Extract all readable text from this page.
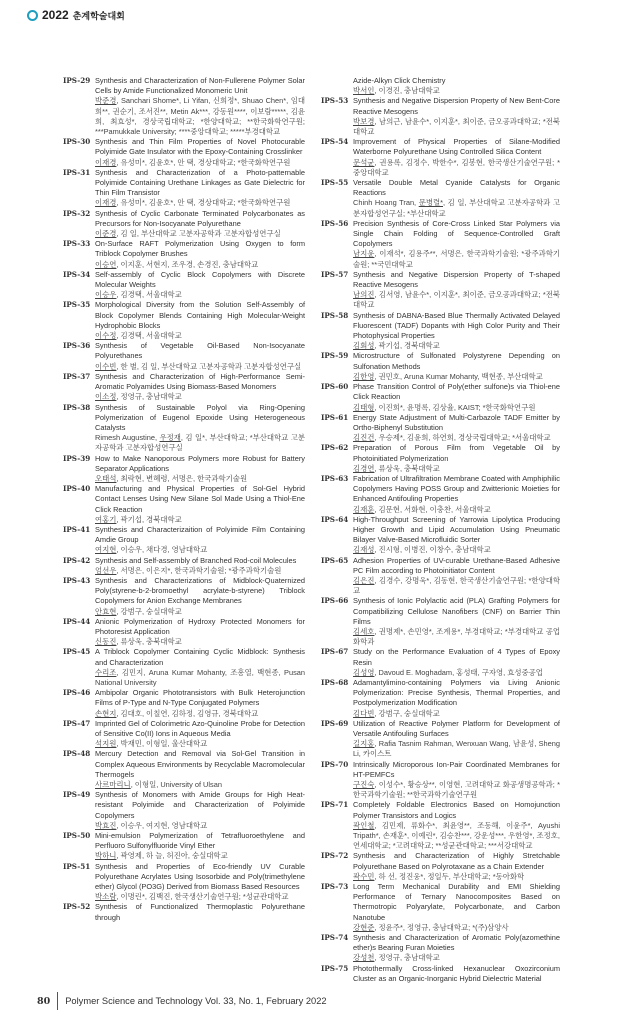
2022 춘계학술대회
IPS-29 Synthesis and Characterization of Non-Fullerene Polymer Solar Cells by Amide Functionalized Monomeric Unit
박준경, Sanchari Shome*, Li Yifan, 신희정*, Shuao Chen*, 임대희**, 권순기, 조서진**, Metin Ak***, 강동원****, 이보람*****, 김윤희, 최효성*, 경상국립대학교; *한양대학교; **한국화학연구원; ***Pamukkale University; ****중앙대학교; *****부경대학교
IPS-30 Synthesis and Thin Film Properties of Novel Photocurable Polyimide Gate Insulator with the Epoxy-Containing Crosslinker
이재경, 유성미*, 김윤호*, 안 택, 경상대학교; *한국화학연구원
IPS-31 Synthesis and Characterization of a Photo-patternable Polyimide Containing Urethane Linkages as Gate Dielectric for Thin Film Transistor
이재경, 유성미*, 김윤호*, 안 택, 경상대학교; *한국화학연구원
IPS-32 Synthesis of Cyclic Carbonate Terminated Polycarbonates as Precursors for Non-Isocyanate Polyurethane
이준경, 김 일, 부산대학교 고분자공학과 고분자합성연구실
IPS-33 On-Surface RAFT Polymerization Using Oxygen to form Triblock Copolymer Brushes
이승연, 이지훈, 서현지, 조우경, 손경진, 충남대학교
IPS-34 Self-assembly of Cyclic Block Copolymers with Discrete Molecular Weights
이승우, 김경택, 서울대학교
IPS-35 Morphological Diversity from the Solution Self-Assembly of Block Copolymer Blends Containing High Molecular-Weight Hydrophobic Blocks
이수정, 김경택, 서울대학교
IPS-36 Synthesis of Vegetable Oil-Based Non-Isocyanate Polyurethanes
이수빈, 한 별, 김 일, 부산대학교 고분자공학과 고분자합성연구실
IPS-37 Synthesis and Characterization of High-Performance Semi-Aromatic Polyamides Using Biomass-Based Monomers
이소정, 정영규, 충남대학교
IPS-38 Synthesis of Sustainable Polyol via Ring-Opening Polymerization of Eugenol Epoxide Using Heterogeneous Catalysts
Rimesh Augustine, 우정재, 김 일*, 부산대학교; *부산대학교 고분자공학과 고분자합성연구실
IPS-39 How to Make Nanoporous Polymers more Robust for Battery Separator Applications
오태석, 최락현, 변혜령, 서명은, 한국과학기술원
IPS-40 Manufacturing and Physical Properties of Sol-Gel Hybrid Contact Lenses Using New Silane Sol Made Using a Thiol-Ene Click Reaction
여홍기, 곽기섭, 경북대학교
IPS-41 Synthesis and Characterizaition of Polyimide Film Containing Amdie Group
여지현, 이승우, 채다경, 영남대학교
IPS-42 Synthesis and Self-assembly of Branched Rod-coil Molecules
엄선우, 서명은, 이은지*, 한국과학기술원; *광주과학기술원
IPS-43 Synthesis and Characterizations of Midblock-Quaternized Poly(styrene-b-2-bromoethyl acrylate-b-styrene) Triblock Copolymers for Anion Exchange Membranes
안효현, 강범구, 숭실대학교
IPS-44 Anionic Polymerization of Hydroxy Protected Monomers for Photoresist Application
신동진, 류상욱, 충북대학교
IPS-45 A Triblock Copolymer Containing Cyclic Midblock: Synthesis and Characterization
수리조, 김민지, Aruna Kumar Mohanty, 조흥열, 백현종, Pusan National University
IPS-46 Ambipolar Organic Phototransistors with Bulk Heterojunction Films of P-Type and N-Type Conjugated Polymers
손현지, 김대호, 이칠연, 김하정, 김영규, 경북대학교
IPS-47 Imprinted Gel of Colorimetric Azo-Quinoline Probe for Detection of Sensitive Co(II) Ions in Aqueous Media
석지원, 박재민, 이형일, 울산대학교
IPS-48 Mercury Detection and Removal via Sol-Gel Transition in Complex Aqueous Environments by Recyclable Macromolecular Thermogels
사르마리니, 이형일, University of Ulsan
IPS-49 Synthesis of Monomers with Amide Groups for High Heat-resistant Polyimide and Characterization of Polyimide Copolymers
박효진, 이승우, 여지현, 영남대학교
IPS-50 Mini-emulsion Polymerization of Tetrafluoroethylene and Perfluoro Sulfonylfluoride Vinyl Ether
박하니, 곽영제, 하 늘, 허진아, 숭실대학교
IPS-51 Synthesis and Properties of Eco-friendly UV Curable Polyurethane Acrylates Using Isosorbide and Poly(trimethylene ether) Glycol (PO3G) Derived from Biomass Based Resources
박소람, 이명린*, 김백진, 한국생산기술연구원; *성균관대학교
IPS-52 Synthesis of Functionalized Thermoplastic Polyurethane through
Azide-Alkyn Click Chemistry
박서인, 이경진, 충남대학교
IPS-53 Synthesis and Negative Dispersion Property of New Bent-Core Reactive Mesogens
박보경, 남의근, 남윤수*, 이지훈*, 최이준, 금오공과대학교; *전북대학교
IPS-54 Improvement of Physical Properties of Silane-Modified Waterborne Polyurethane Using Controlled Silica Content
문석균, 권용록, 김정수, 박한수*, 김봉현, 한국생산기술연구원; *중앙대학교
IPS-55 Versatile Double Metal Cyanide Catalysts for Organic Reactions
Chinh Hoang Tran, 문병렬*, 김 일, 부산대학교 고분자공학과 고분자합성연구실; *부산대학교
IPS-56 Precision Synthesis of Core-Cross Linked Star Polymers via Single Chain Folding of Sequence-Controlled Graft Copolymers
남지윤, 이재석*, 김용주**, 서명은, 한국과학기술원; *광주과학기술원; **국민대학교
IPS-57 Synthesis and Negative Dispersion Property of T-shaped Reactive Mesogens
남의진, 김서영, 남윤수*, 이지훈*, 최이준, 금오공과대학교; *전북대학교
IPS-58 Synthesis of DABNA-Based Blue Thermally Activated Delayed Fluorescent (TADF) Dopants with High Color Purity and Their Photophysical Properties
김회성, 곽기섭, 경북대학교
IPS-59 Microstructure of Sulfonated Polystyrene Depending on Sulfonation Methods
김한영, 권민호, Aruna Kumar Mohanty, 백현종, 부산대학교
IPS-60 Phase Transition Control of Poly(ether sulfone)s via Thiol-ene Click Reaction
김태형, 이진희*, 윤명록, 김상율, KAIST; *한국화학연구원
IPS-61 Energy State Adjustment of Multi-Carbazole TADF Emitter by Ortho-Biphenyl Substitution
김진건, 우승제*, 김윤희, 하연희, 경상국립대학교; *서울대학교
IPS-62 Preparation of Porous Film from Vegetable Oil by Photoinitiated Polymerization
김경연, 류상욱, 충북대학교
IPS-63 Fabrication of Ultrafiltration Membrane Coated with Amphiphilic Copolymers Having POSS Group and Zwitterionic Moieties for Enhanced Antifouling Properties
김재훈, 김문현, 서화현, 이충찬, 서울대학교
IPS-64 High-Throughput Screening of Yarrowia Lipolytica Producing Higher Growth and Lipid Accumulation Using Pneumatic Bilayer Valve-Based Microfluidic Sorter
김재성, 진시형, 이병진, 이창수, 충남대학교
IPS-65 Adhesion Properties of UV-curable Urethane-Based Adhesive PC Film according to Photoinitiator Content
김은진, 김경수, 강명욱*, 김동현, 한국생산기술연구원; *한양대학교
IPS-66 Synthesis of Ionic Polylactic acid (PLA) Grafting Polymers for Compatibilizing Cellulose Nanofibers (CNF) on Barrier Thin Films
김세호, 권명제*, 손민영*, 조계용*, 부경대학교; *부경대학교 공업화학과
IPS-67 Study on the Performance Evaluation of 4 Types of Epoxy Resin
김성영, Davoud E. Moghadam, 홍성태, 구자영, 효성중공업
IPS-68 Adamantylimino-containing Polymers via Living Anionic Polymerization: Precise Synthesis, Thermal Properties, and Postpolymerization Modification
김다빈, 강범구, 숭실대학교
IPS-69 Utilization of Reactive Polymer Platform for Development of Versatile Antifouling Surfaces
길지홍, Rafia Tasnim Rahman, Wenxuan Wang, 남윤성, Sheng Li, 카이스트
IPS-70 Intrinsically Microporous Ion-Pair Coordinated Membranes for HT-PEMFCs
구진숙, 이성수*, 황승상**, 이영현, 고려대학교 화공생명공학과; *한국과학기술원; **한국과학기술연구원
IPS-71 Completely Foldable Electronics Based on Homojunction Polymer Transistors and Logics
곽인철, 김민제, 류화수*, 최윤영**, 조동해, 이윤주*, Ayushi Tripath*, 손재훈*, 이예린*, 김승찬***, 강운성***, 우한영*, 조정호, 연세대학교; *고려대학교; **성균관대학교; ***서강대학교
IPS-72 Synthesis and Characterization of Highly Stretchable Polyurethane Based on Polyrotaxane as a Chain Extender
곽수민, 하 선, 정진웅*, 정일두, 부산대학교; *동아화학
IPS-73 Long Term Mechanical Durability and EMI Shielding Performance of Ternary Nanocomposites Based on Thermotropic Polyarylate, Polycarbonate, and Carbon Nanotube
강현준, 정윤주*, 정영규, 충남대학교; *(주)삼양사
IPS-74 Synthesis and Characterization of Aromatic Poly(azomethine ether)s Bearing Furan Moieties
강성천, 정영규, 충남대학교
IPS-75 Photothermally Cross-linked Hexanuclear Oxozirconium Cluster as an Organic-Inorganic Hybrid Dielectric Material
80 Polymer Science and Technology Vol. 33, No. 1, February 2022
